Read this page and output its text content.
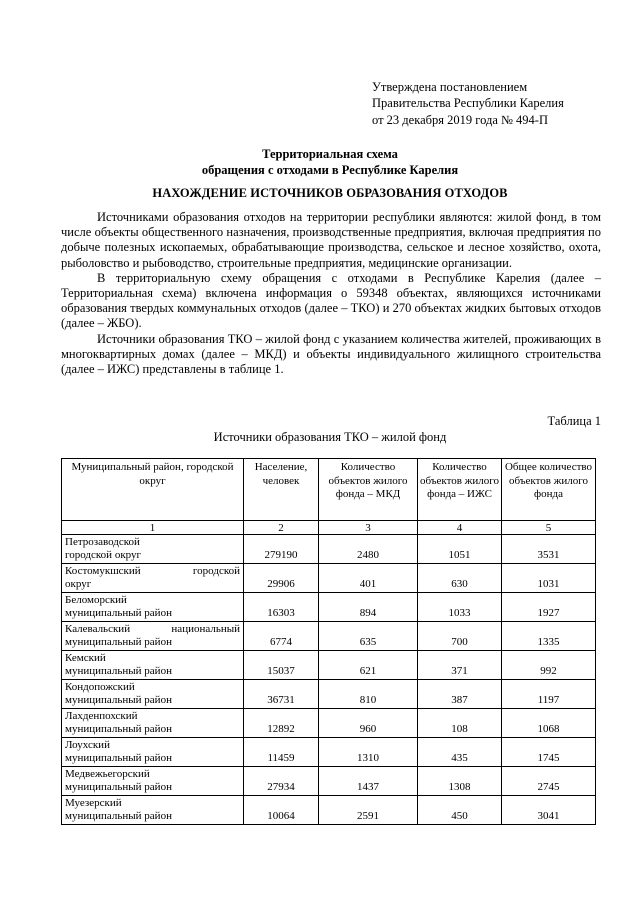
Утверждена постановлением
Правительства Республики Карелия
от 23 декабря 2019 года № 494-П
Территориальная схема
обращения с отходами в Республике Карелия
НАХОЖДЕНИЕ ИСТОЧНИКОВ ОБРАЗОВАНИЯ ОТХОДОВ

Источниками образования отходов на территории республики являются: жилой фонд, в том числе объекты общественного назначения, производственные предприятия, включая предприятия по добыче полезных ископаемых, обрабатывающие производства, сельское и лесное хозяйство, охота, рыболовство и рыбоводство, строительные предприятия, медицинские организации.

В территориальную схему обращения с отходами в Республике Карелия (далее – Территориальная схема) включена информация о 59348 объектах, являющихся источниками образования твердых коммунальных отходов (далее – ТКО) и 270 объектах жидких бытовых отходов (далее – ЖБО).

Источники образования ТКО – жилой фонд с указанием количества жителей, проживающих в многоквартирных домах (далее – МКД) и объекты индивидуального жилищного строительства (далее – ИЖС) представлены в таблице 1.

Таблица 1
Источники образования ТКО – жилой фонд
Муниципальный район, городской округ	Население, человек	Количество объектов жилого фонда – МКД	Количество объектов жилого фонда – ИЖС	Общее количество объектов жилого фонда
1	2	3	4	5

Петрозаводской
городской округ	279190	2480	1051	3531

Костомукшский городской
округ	29906	401	630	1031

Беломорский
муниципальный район	16303	894	1033	1927

Калевальский национальный
муниципальный район	6774	635	700	1335

Кемский
муниципальный район	15037	621	371	992

Кондопожский
муниципальный район	36731	810	387	1197

Лахденпохский
муниципальный район	12892	960	108	1068

Лоухский
муниципальный район	11459	1310	435	1745

Медвежьегорский
муниципальный район	27934	1437	1308	2745

Муезерский
муниципальный район	10064	2591	450	3041
